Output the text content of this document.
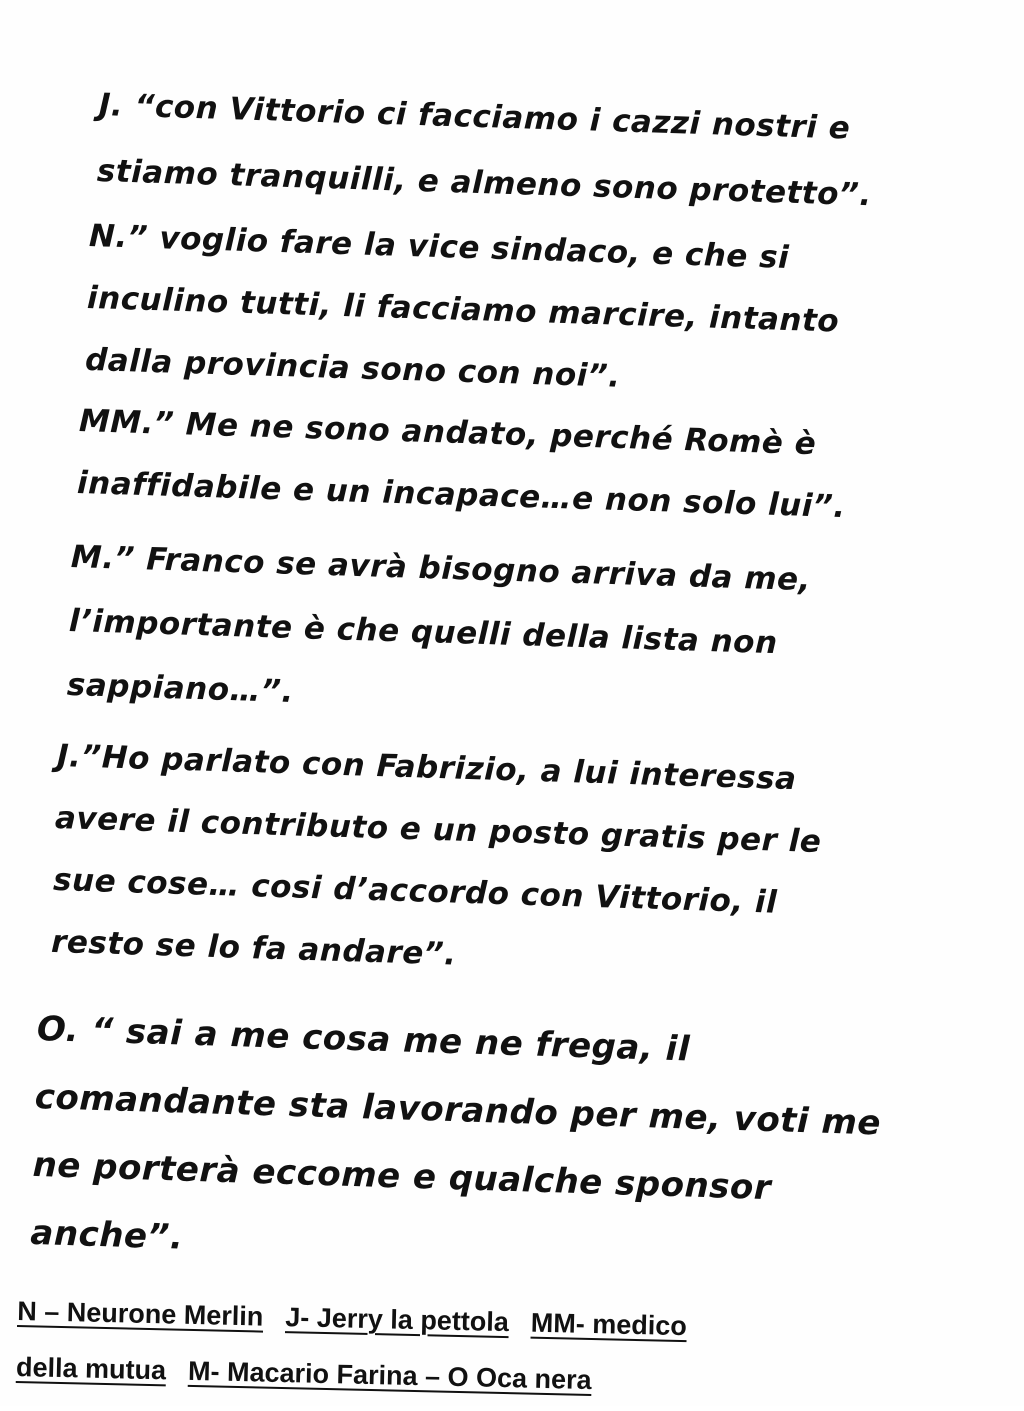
J. “con Vittorio ci facciamo i cazzi nostri e
stiamo tranquilli, e almeno sono protetto”.

N.” voglio fare la vice sindaco, e che si
inculino tutti, li facciamo marcire, intanto
dalla provincia sono con noi”.

MM.” Me ne sono andato, perché Romè è
inaffidabile e un incapace…e non solo lui”.

M.” Franco se avrà bisogno arriva da me,
l’importante è che quelli della lista non
sappiano…”.

J.”Ho parlato con Fabrizio, a lui interessa
avere il contributo e un posto gratis per le
sue cose… cosi d’accordo con Vittorio, il
resto se lo fa andare”.

O. “ sai a me cosa me ne frega, il
comandante sta lavorando per me, voti me
ne porterà eccome e qualche sponsor
anche”.

N – Neurone Merlin J- Jerry la pettola MM- medico
della mutua M- Macario Farina – O Oca nera
